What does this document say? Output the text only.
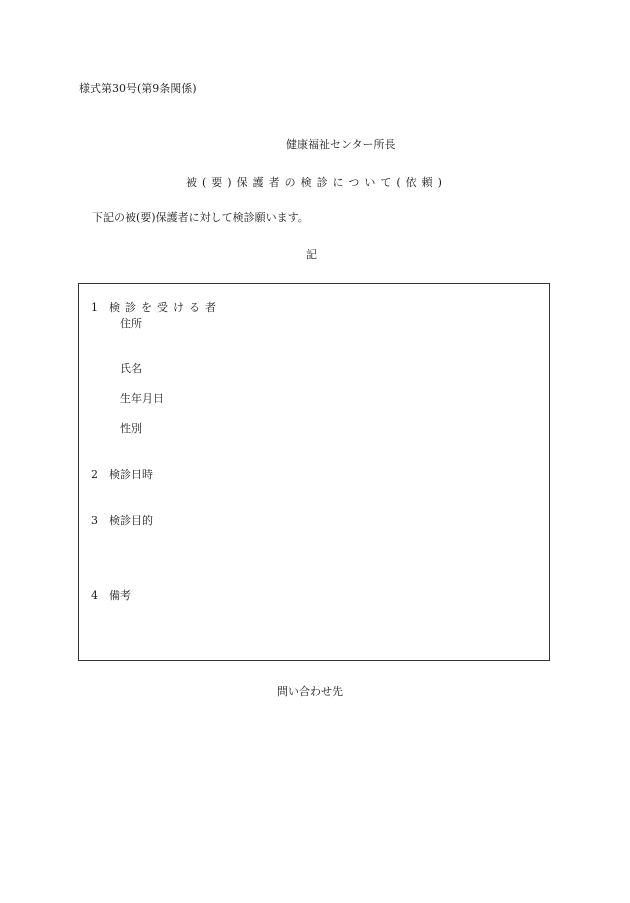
様式第30号(第9条関係)
健康福祉センター所長
被(要)保護者の検診について(依頼)
下記の被(要)保護者に対して検診願います。
記
1 検診を受ける者
住所
氏名
生年月日
性別
2 検診日時
3 検診目的
4 備考
問い合わせ先
